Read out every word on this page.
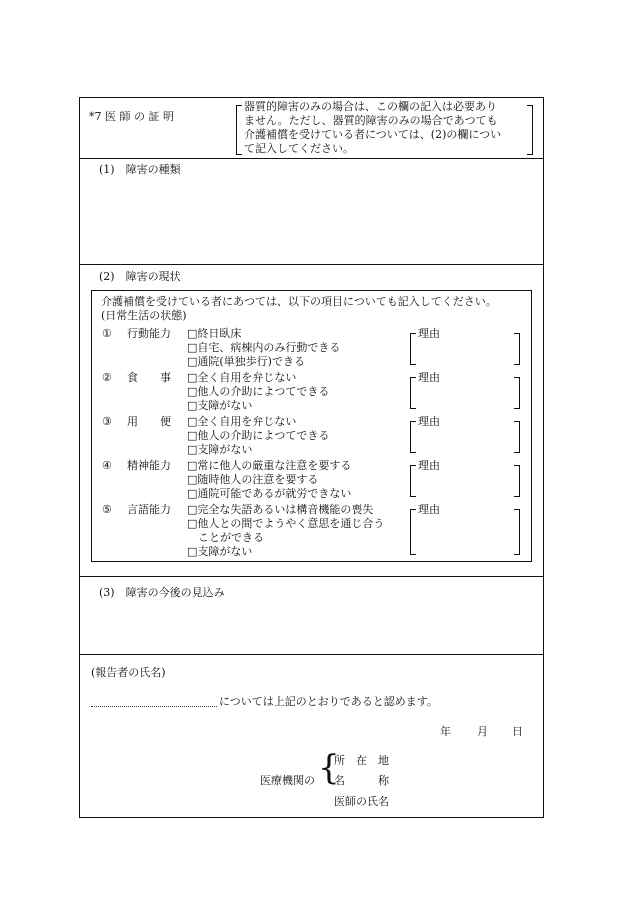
*7 医 師 の 証 明
器質的障害のみの場合は、この欄の記入は必要あり
ません。ただし、器質的障害のみの場合であつても
介護補償を受けている者については、(2)の欄につい
て記入してください。
(1)　障害の種類
(2)　障害の現状
介護補償を受けている者にあつては、以下の項目についても記入してください。
(日常生活の状態)
① 行動能力 □終日臥床
□自宅、病棟内のみ行動できる
□通院(単独歩行)できる
理由
② 食　　事 □全く自用を弁じない
□他人の介助によつてできる
□支障がない
理由
③ 用　　便 □全く自用を弁じない
□他人の介助によつてできる
□支障がない
理由
④ 精神能力 □常に他人の厳重な注意を要する
□随時他人の注意を要する
□通院可能であるが就労できない
理由
⑤ 言語能力 □完全な失語あるいは構音機能の喪失
□他人との間でようやく意思を通じ合う
　ことができる
□支障がない
理由
(3)　障害の今後の見込み
(報告者の氏名)
については上記のとおりであると認めます。
年 月 日
医療機関の {
所　在　地
名　　　称
医師の氏名
